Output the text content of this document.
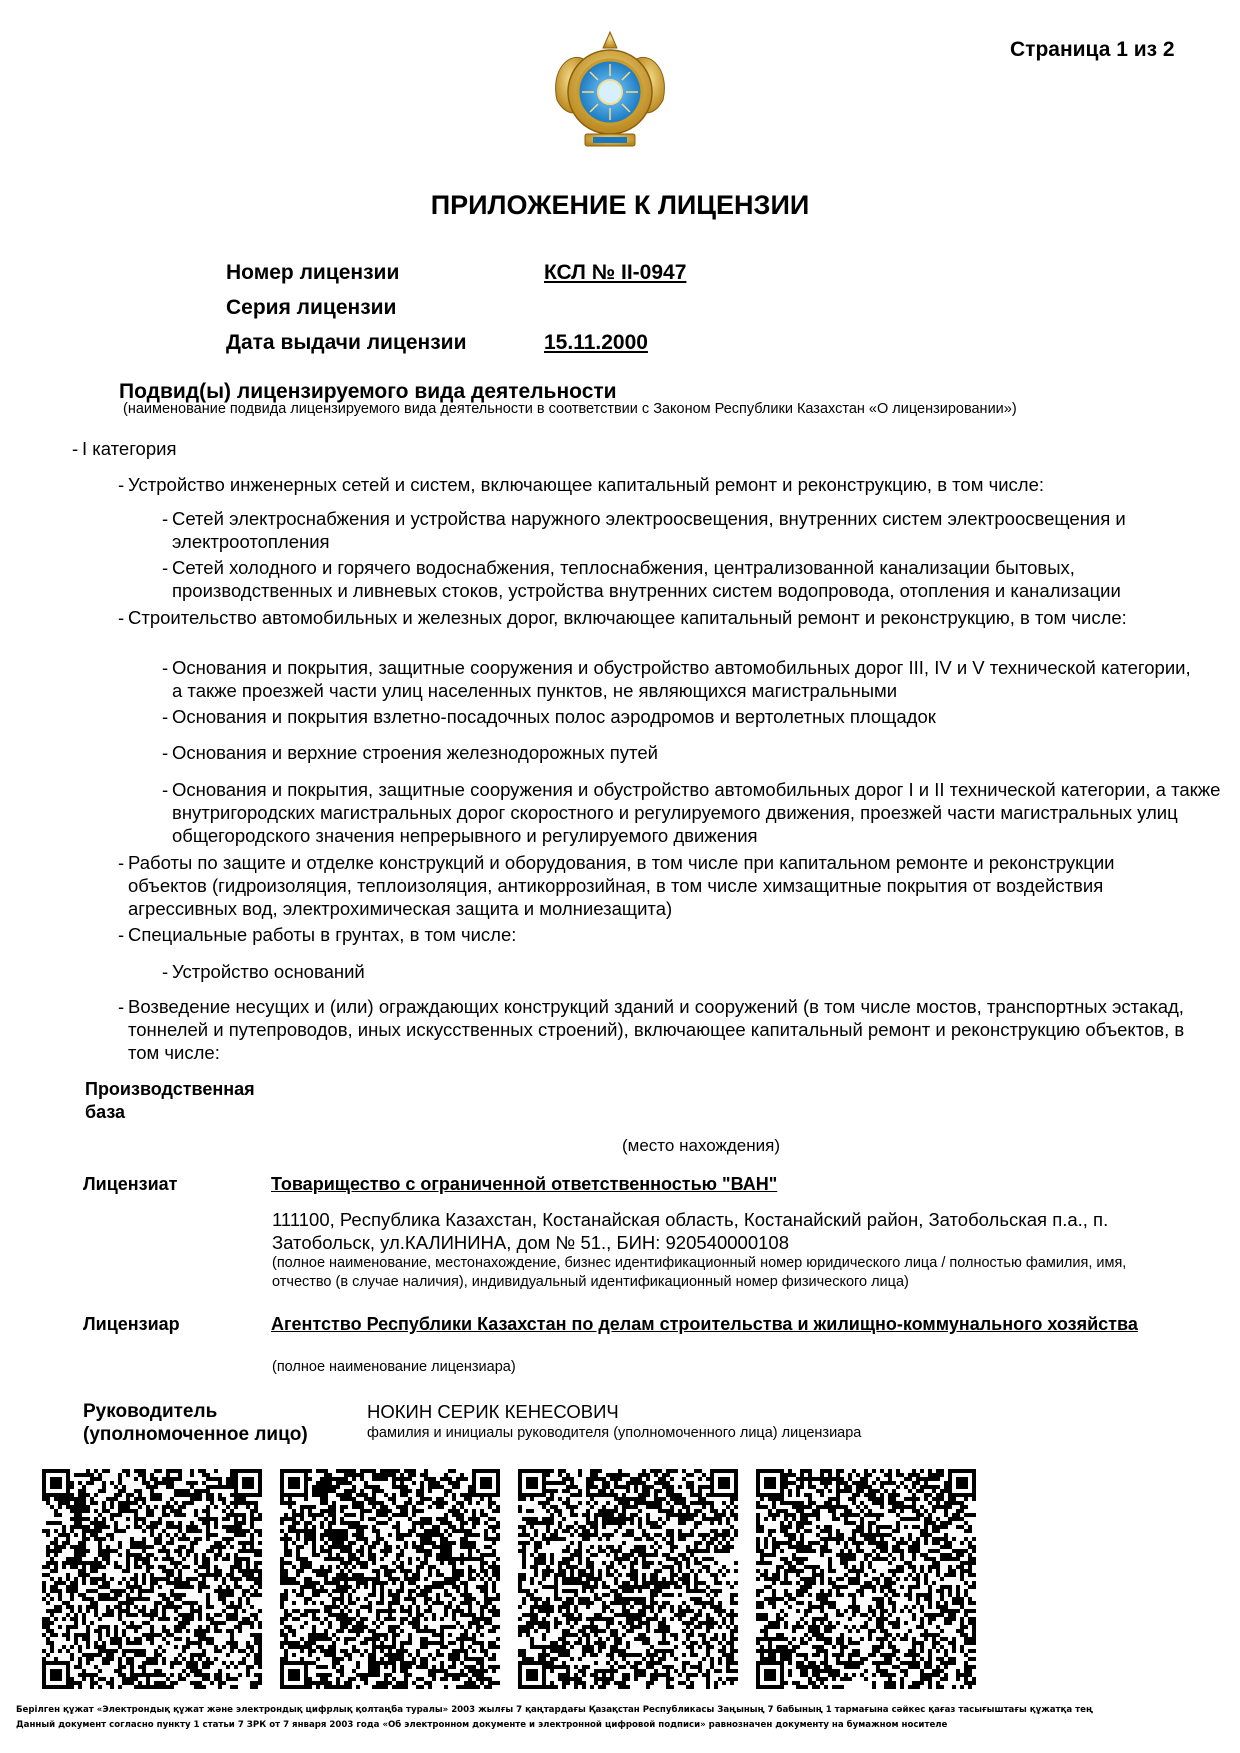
Страница 1 из 2
ПРИЛОЖЕНИЕ К ЛИЦЕНЗИИ
Номер лицензии	КСЛ № II-0947
Серия лицензии
Дата выдачи лицензии	15.11.2000
Подвид(ы) лицензируемого вида деятельности
(наименование подвида лицензируемого вида деятельности в соответствии с Законом Республики Казахстан «О лицензировании»)
- I категория
- Устройство инженерных сетей и систем, включающее капитальный ремонт и реконструкцию, в том числе:
- Сетей электроснабжения и устройства наружного электроосвещения, внутренних систем электроосвещения и электроотопления
- Сетей холодного и горячего водоснабжения, теплоснабжения, централизованной канализации бытовых, производственных и ливневых стоков, устройства внутренних систем водопровода, отопления и канализации
- Строительство автомобильных и железных дорог, включающее капитальный ремонт и реконструкцию, в том числе:
- Основания и покрытия, защитные сооружения и обустройство автомобильных дорог III, IV и V технической категории, а также проезжей части улиц населенных пунктов, не являющихся магистральными
- Основания и покрытия взлетно-посадочных полос аэродромов и вертолетных площадок
- Основания и верхние строения железнодорожных путей
- Основания и покрытия, защитные сооружения и обустройство автомобильных дорог I и II технической категории, а также внутригородских магистральных дорог скоростного и регулируемого движения, проезжей части магистральных улиц общегородского значения непрерывного и регулируемого движения
- Работы по защите и отделке конструкций и оборудования, в том числе при капитальном ремонте и реконструкции объектов (гидроизоляция, теплоизоляция, антикоррозийная, в том числе химзащитные покрытия от воздействия агрессивных вод, электрохимическая защита и молниезащита)
- Специальные работы в грунтах, в том числе:
- Устройство оснований
- Возведение несущих и (или) ограждающих конструкций зданий и сооружений (в том числе мостов, транспортных эстакад, тоннелей и путепроводов, иных искусственных строений), включающее капитальный ремонт и реконструкцию объектов, в том числе:
Производственная база
(место нахождения)
Лицензиат	Товарищество с ограниченной ответственностью "ВАН"
111100, Республика Казахстан, Костанайская область, Костанайский район, Затобольская п.а., п. Затобольск, ул.КАЛИНИНА, дом № 51., БИН: 920540000108
(полное наименование, местонахождение, бизнес идентификационный номер юридического лица / полностью фамилия, имя, отчество (в случае наличия), индивидуальный идентификационный номер физического лица)
Лицензиар	Агентство Республики Казахстан по делам строительства и жилищно-коммунального хозяйства
(полное наименование лицензиара)
Руководитель (уполномоченное лицо)
НОКИН СЕРИК КЕНЕСОВИЧ
фамилия и инициалы руководителя (уполномоченного лица) лицензиара
Берілген құжат «Электрондық құжат және электрондық цифрлық қолтаңба туралы» 2003 жылғы 7 қаңтардағы Қазақстан Республикасы Заңының 7 бабының 1 тармағына сәйкес қағаз тасығыштағы құжатқа тең
Данный документ согласно пункту 1 статьи 7 ЗРК от 7 января 2003 года «Об электронном документе и электронной цифровой подписи» равнозначен документу на бумажном носителе
